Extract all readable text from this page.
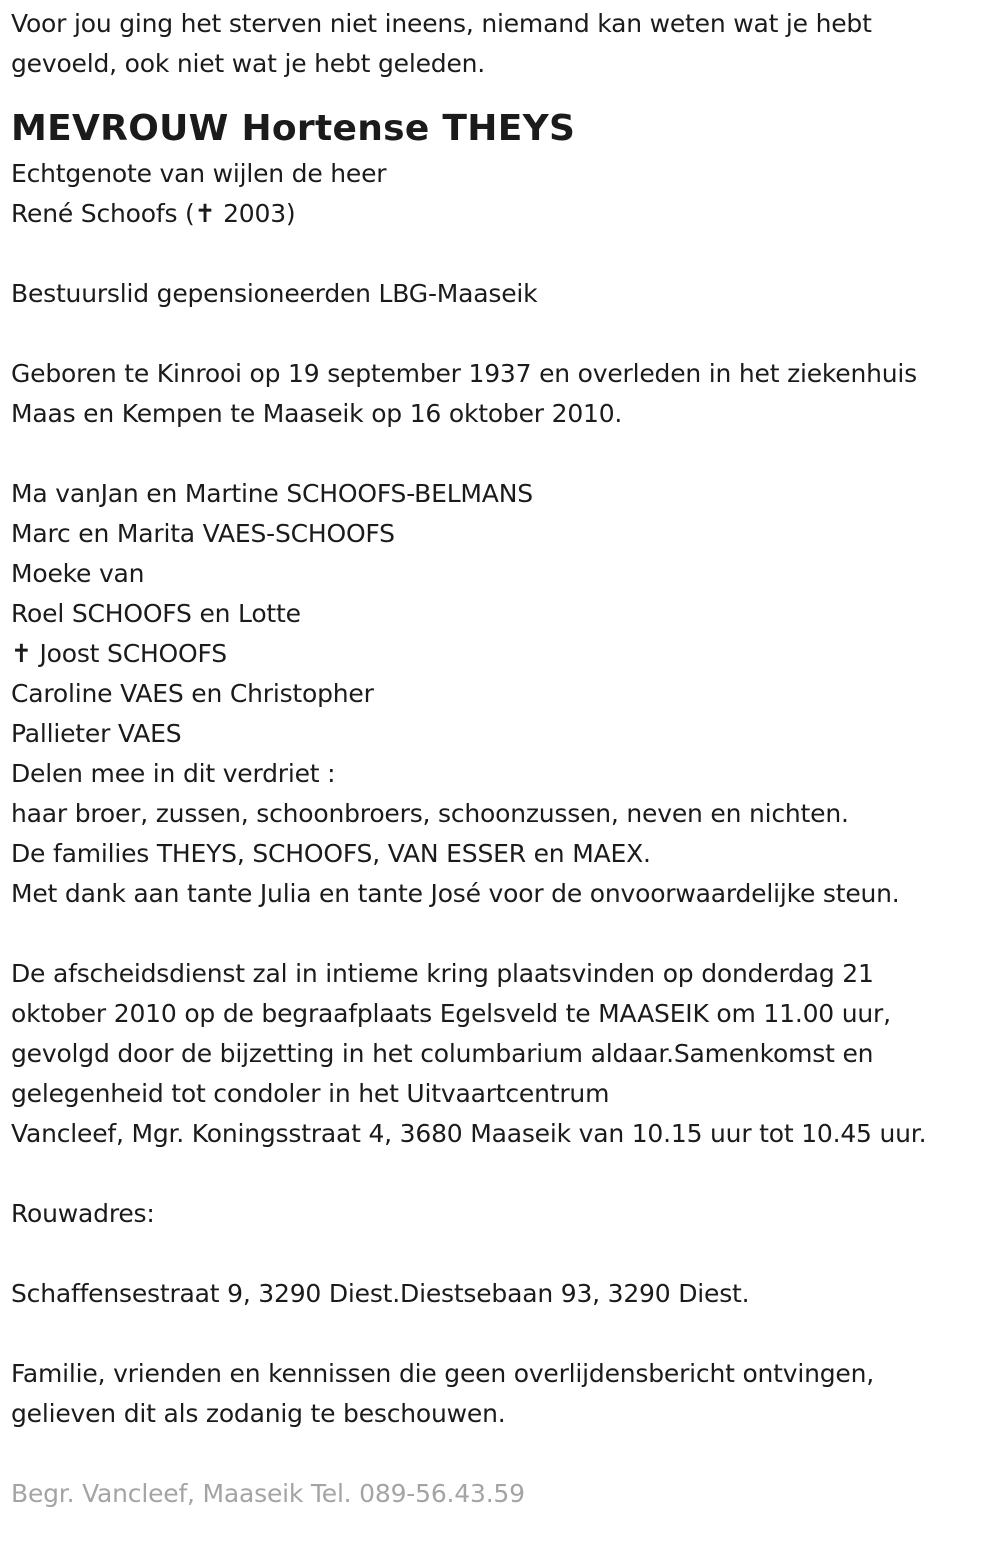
Voor jou ging het sterven niet ineens, niemand kan weten wat je hebt
gevoeld, ook niet wat je hebt geleden.
MEVROUW Hortense THEYS
Echtgenote van wijlen de heer
René Schoofs (✝ 2003)
Bestuurslid gepensioneerden LBG-Maaseik
Geboren te Kinrooi op 19 september 1937 en overleden in het ziekenhuis
Maas en Kempen te Maaseik op 16 oktober 2010.
Ma vanJan en Martine SCHOOFS-BELMANS
Marc en Marita VAES-SCHOOFS
Moeke van
Roel SCHOOFS en Lotte
✝ Joost SCHOOFS
Caroline VAES en Christopher
Pallieter VAES
Delen mee in dit verdriet :
haar broer, zussen, schoonbroers, schoonzussen, neven en nichten.
De families THEYS, SCHOOFS, VAN ESSER en MAEX.
Met dank aan tante Julia en tante José voor de onvoorwaardelijke steun.
De afscheidsdienst zal in intieme kring plaatsvinden op donderdag 21
oktober 2010 op de begraafplaats Egelsveld te MAASEIK om 11.00 uur,
gevolgd door de bijzetting in het columbarium aldaar.Samenkomst en
gelegenheid tot condoler in het Uitvaartcentrum
Vancleef, Mgr. Koningsstraat 4, 3680 Maaseik van 10.15 uur tot 10.45 uur.
Rouwadres:
Schaffensestraat 9, 3290 Diest.Diestsebaan 93, 3290 Diest.
Familie, vrienden en kennissen die geen overlijdensbericht ontvingen,
gelieven dit als zodanig te beschouwen.
Begr. Vancleef, Maaseik Tel. 089-56.43.59
